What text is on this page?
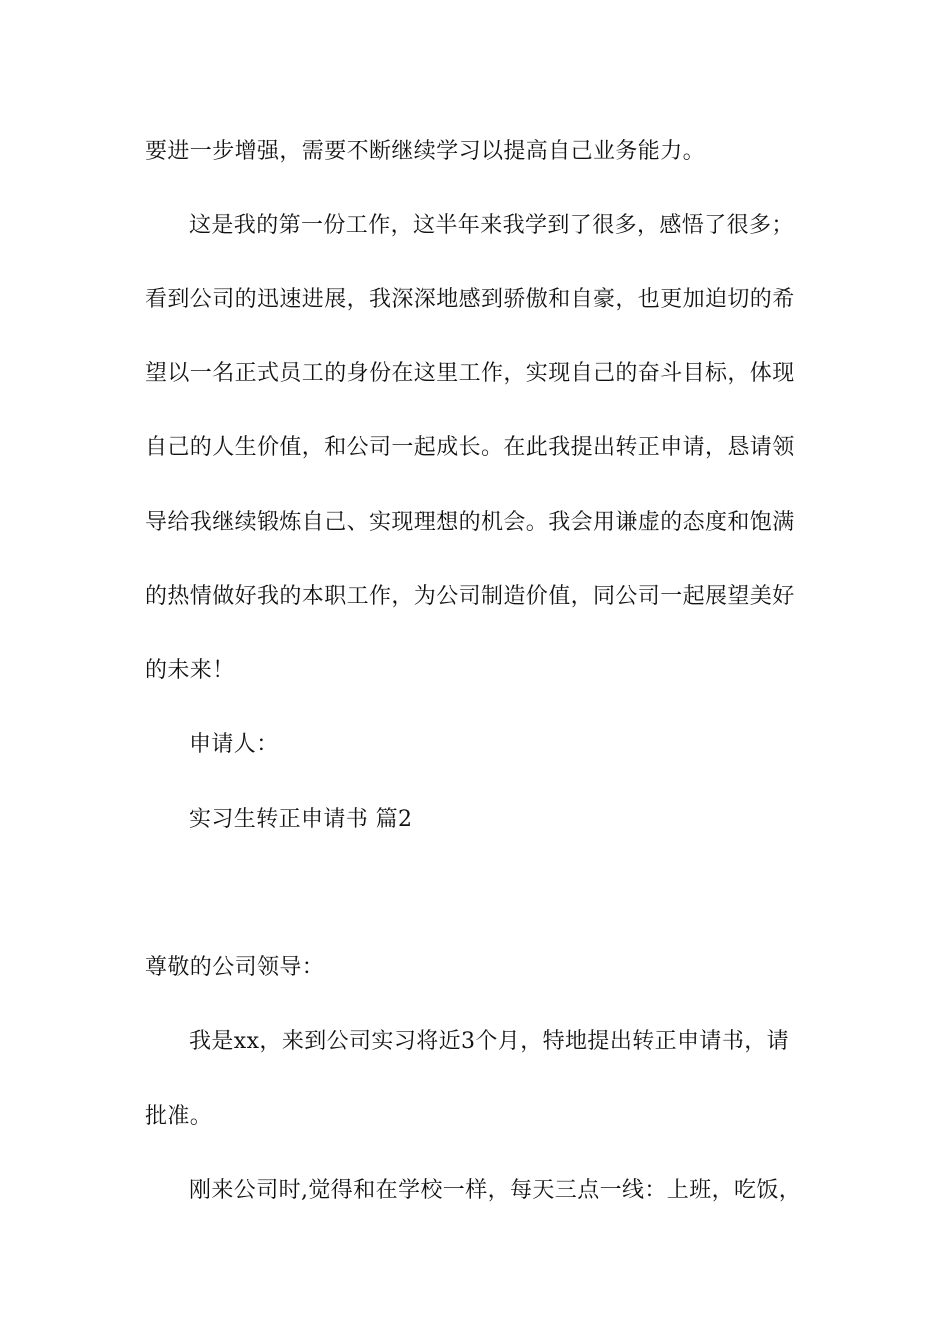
要进一步增强，需要不断继续学习以提高自己业务能力。
这是我的第一份工作，这半年来我学到了很多，感悟了很多；
看到公司的迅速进展，我深深地感到骄傲和自豪，也更加迫切的希
望以一名正式员工的身份在这里工作，实现自己的奋斗目标，体现
自己的人生价值，和公司一起成长。在此我提出转正申请，恳请领
导给我继续锻炼自己、实现理想的机会。我会用谦虚的态度和饱满
的热情做好我的本职工作，为公司制造价值，同公司一起展望美好
的未来！
申请人：
实习生转正申请书 篇2
尊敬的公司领导：
我是xx，来到公司实习将近3个月，特地提出转正申请书，请
批准。
刚来公司时,觉得和在学校一样，每天三点一线：上班，吃饭，
